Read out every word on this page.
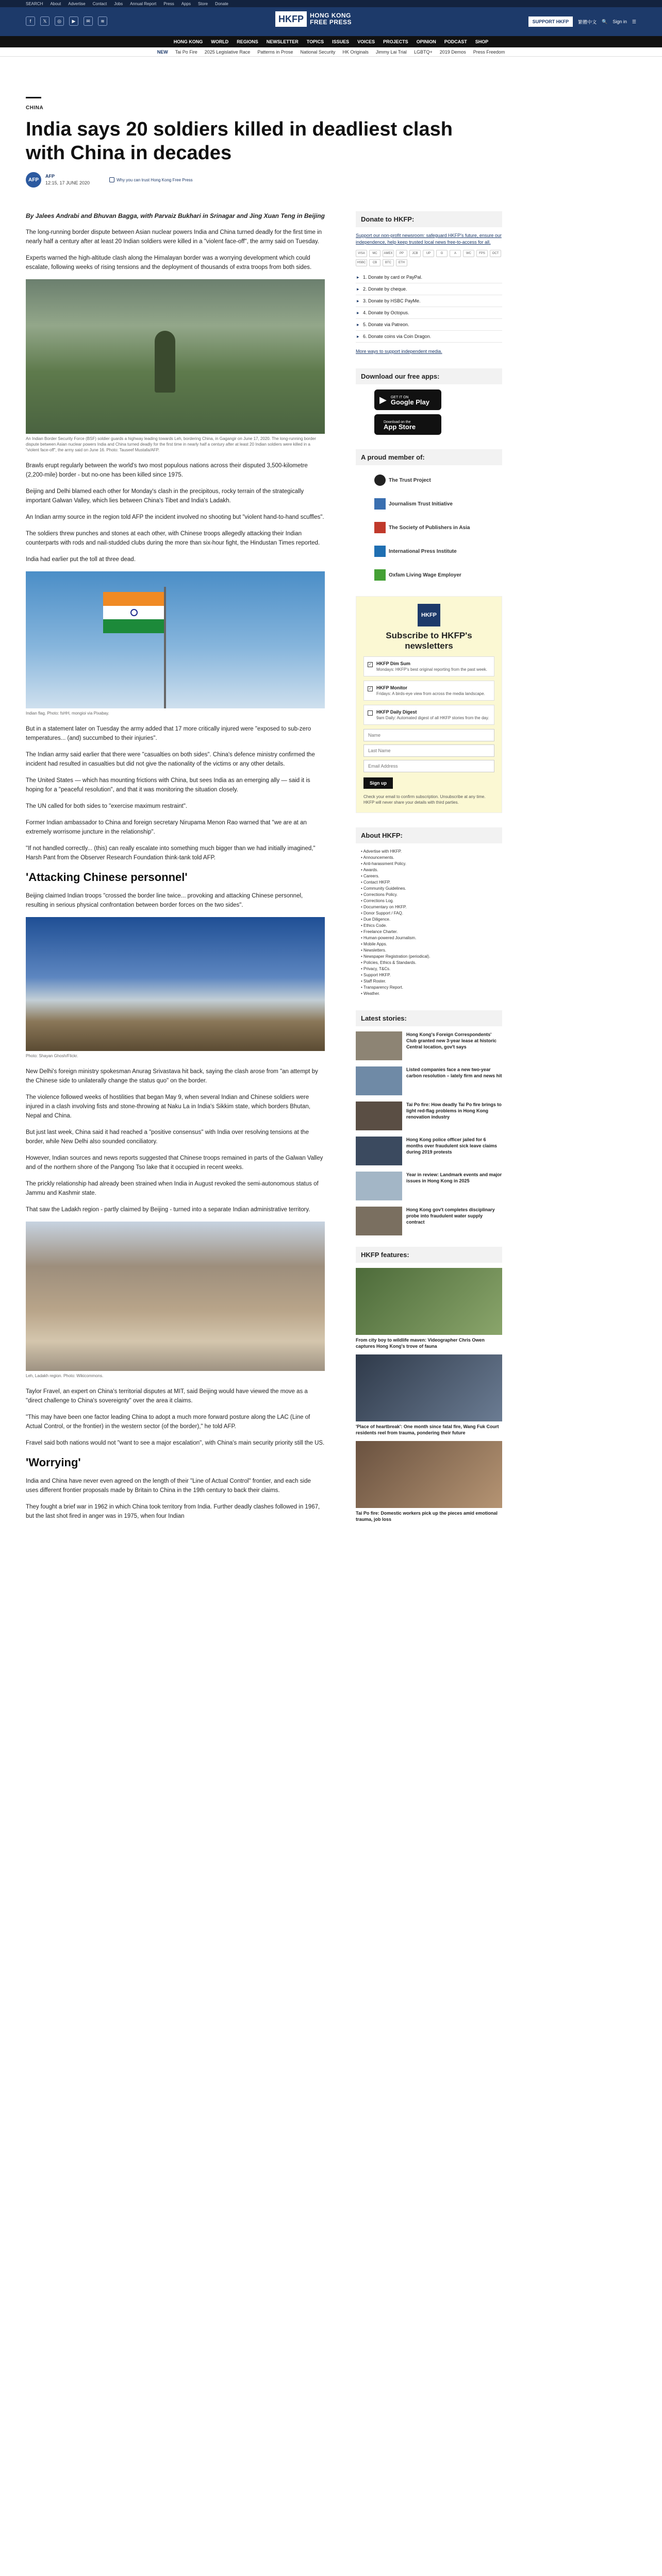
SEARCH About Advertise Contact Jobs Annual Report Press Apps Store Donate
f	𝕏	◎	▶	✉	≋	HKFP	HONG KONG
FREE PRESS	SUPPORT HKFP	繁體中文 🔍 Sign in ☰
HONG KONG WORLD REGIONS NEWSLETTER TOPICS ISSUES VOICES PROJECTS OPINION PODCAST SHOP
NEW Tai Po Fire 2025 Legislative Race Patterns in Prose National Security HK Originals Jimmy Lai Trial LGBTQ+ 2019 Demos Press Freedom
CHINA
India says 20 soldiers killed in deadliest clash with China in decades
AFP
AFP
12:15, 17 JUNE 2020
Why you can trust Hong Kong Free Press

By Jalees Andrabi and Bhuvan Bagga, with Parvaiz Bukhari in Srinagar and Jing Xuan Teng in Beijing

The long-running border dispute between Asian nuclear powers India and China turned deadly for the first time in nearly half a century after at least 20 Indian soldiers were killed in a "violent face-off", the army said on Tuesday.

Experts warned the high-altitude clash along the Himalayan border was a worrying development which could escalate, following weeks of rising tensions and the deployment of thousands of extra troops from both sides.

An Indian Border Security Force (BSF) soldier guards a highway leading towards Leh, bordering China, in Gagangir on June 17, 2020. The long-running border dispute between Asian nuclear powers India and China turned deadly for the first time in nearly half a century after at least 20 Indian soldiers were killed in a "violent face-off", the army said on June 16. Photo: Tauseef Mustafa/AFP.

Brawls erupt regularly between the world's two most populous nations across their disputed 3,500-kilometre (2,200-mile) border - but no-one has been killed since 1975.

Beijing and Delhi blamed each other for Monday's clash in the precipitous, rocky terrain of the strategically important Galwan Valley, which lies between China's Tibet and India's Ladakh.

An Indian army source in the region told AFP the incident involved no shooting but "violent hand-to-hand scuffles".

The soldiers threw punches and stones at each other, with Chinese troops allegedly attacking their Indian counterparts with rods and nail-studded clubs during the more than six-hour fight, the Hindustan Times reported.

India had earlier put the toll at three dead.

Indian flag. Photo: fsHH, mongioi via Pixabay.

But in a statement later on Tuesday the army added that 17 more critically injured were "exposed to sub-zero temperatures... (and) succumbed to their injuries".

The Indian army said earlier that there were "casualties on both sides". China's defence ministry confirmed the incident had resulted in casualties but did not give the nationality of the victims or any other details.

The United States — which has mounting frictions with China, but sees India as an emerging ally — said it is hoping for a "peaceful resolution", and that it was monitoring the situation closely.

The UN called for both sides to "exercise maximum restraint".

Former Indian ambassador to China and foreign secretary Nirupama Menon Rao warned that "we are at an extremely worrisome juncture in the relationship".

"If not handled correctly... (this) can really escalate into something much bigger than we had initially imagined," Harsh Pant from the Observer Research Foundation think-tank told AFP.

'Attacking Chinese personnel'

Beijing claimed Indian troops "crossed the border line twice... provoking and attacking Chinese personnel, resulting in serious physical confrontation between border forces on the two sides".

Photo: Shayan Ghosh/Flickr.

New Delhi's foreign ministry spokesman Anurag Srivastava hit back, saying the clash arose from "an attempt by the Chinese side to unilaterally change the status quo" on the border.

The violence followed weeks of hostilities that began May 9, when several Indian and Chinese soldiers were injured in a clash involving fists and stone-throwing at Naku La in India's Sikkim state, which borders Bhutan, Nepal and China.

But just last week, China said it had reached a "positive consensus" with India over resolving tensions at the border, while New Delhi also sounded conciliatory.

However, Indian sources and news reports suggested that Chinese troops remained in parts of the Galwan Valley and of the northern shore of the Pangong Tso lake that it occupied in recent weeks.

The prickly relationship had already been strained when India in August revoked the semi-autonomous status of Jammu and Kashmir state.

That saw the Ladakh region - partly claimed by Beijing - turned into a separate Indian administrative territory.

Leh, Ladakh region. Photo: Wikicommons.

Taylor Fravel, an expert on China's territorial disputes at MIT, said Beijing would have viewed the move as a "direct challenge to China's sovereignty" over the area it claims.

"This may have been one factor leading China to adopt a much more forward posture along the LAC (Line of Actual Control, or the frontier) in the western sector (of the border)," he told AFP.

Fravel said both nations would not "want to see a major escalation", with China's main security priority still the US.

'Worrying'

India and China have never even agreed on the length of their "Line of Actual Control" frontier, and each side uses different frontier proposals made by Britain to China in the 19th century to back their claims.

They fought a brief war in 1962 in which China took territory from India. Further deadly clashes followed in 1967, but the last shot fired in anger was in 1975, when four Indian

Donate to HKFP:

Support our non-profit newsroom: safeguard HKFP's future, ensure our independence, help keep trusted local news free-to-access for all.

VISA	MC	AMEX	PP	JCB	UP	G	A	WC	FPS	OCT
HSBC	CB	BTC	ETH
▸ 1. Donate by card or PayPal.
▸ 2. Donate by cheque.
▸ 3. Donate by HSBC PayMe.
▸ 4. Donate by Octopus.
▸ 5. Donate via Patreon.
▸ 6. Donate coins via Coin Dragon.
More ways to support independent media.
Download our free apps:
▶ GET IT ON
Google Play
Download on the
App Store
A proud member of:
The Trust Project
Journalism Trust Initiative
The Society of Publishers in Asia
International Press Institute
Oxfam Living Wage Employer
HKFP
Subscribe to HKFP's newsletters
✓ HKFP Dim Sum
Mondays: HKFP's best original reporting from the past week.
✓ HKFP Monitor
Fridays: A birds-eye view from across the media landscape.
HKFP Daily Digest
9am Daily: Automated digest of all HKFP stories from the day.
Name Last Name Email Address Sign up
Check your email to confirm subscription. Unsubscribe at any time. HKFP will never share your details with third parties.
About HKFP:
• Advertise with HKFP.
• Announcements.
• Anti-harassment Policy.
• Awards.
• Careers.
• Contact HKFP.
• Community Guidelines.
• Corrections Policy.
• Corrections Log.
• Documentary on HKFP.
• Donor Support / FAQ.
• Due Diligence.
• Ethics Code.
• Freelance Charter.
• Human-powered Journalism.
• Mobile Apps.
• Newsletters.
• Newspaper Registration (periodical).
• Policies, Ethics & Standards.
• Privacy, T&Cs.
• Support HKFP.
• Staff Roster.
• Transparency Report.
• Weather.
Latest stories:
Hong Kong's Foreign Correspondents' Club granted new 3-year lease at historic Central location, gov't says
Listed companies face a new two-year carbon resolution – lately firm and news hit
Tai Po fire: How deadly Tai Po fire brings to light red-flag problems in Hong Kong renovation industry
Hong Kong police officer jailed for 6 months over fraudulent sick leave claims during 2019 protests
Year in review: Landmark events and major issues in Hong Kong in 2025
Hong Kong gov't completes disciplinary probe into fraudulent water supply contract
HKFP features:

From city boy to wildlife maven: Videographer Chris Owen captures Hong Kong's trove of fauna

'Place of heartbreak': One month since fatal fire, Wang Fuk Court residents reel from trauma, pondering their future

Tai Po fire: Domestic workers pick up the pieces amid emotional trauma, job loss
